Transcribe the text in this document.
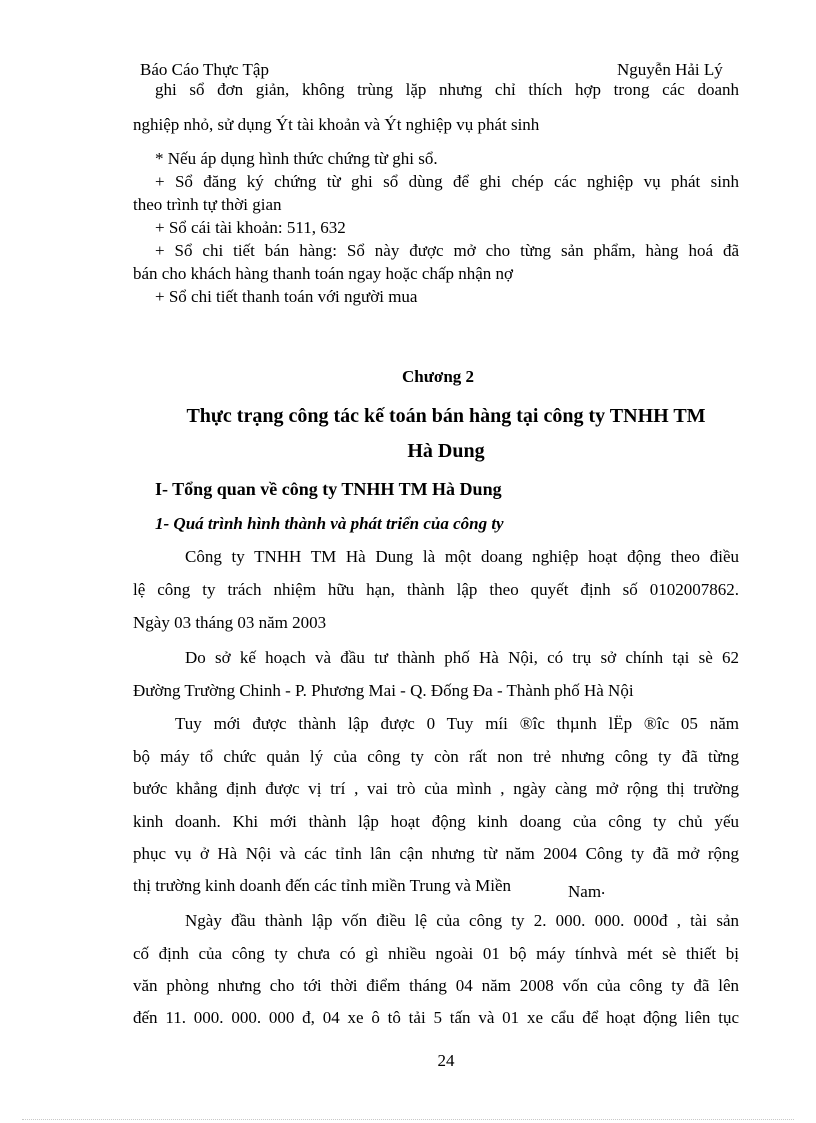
Báo Cáo Thực Tập	Nguyễn Hải Lý
ghi sổ đơn giản, không trùng lặp nhưng chỉ thích hợp trong các doanh
nghiệp nhỏ, sử dụng Ýt tài khoản và Ýt nghiệp vụ phát sinh
* Nếu áp dụng hình thức chứng từ ghi sổ.
+ Sổ đăng ký chứng từ ghi sổ dùng để ghi chép các nghiệp vụ phát sinh
theo trình tự thời gian
+ Sổ cái tài khoản: 511, 632
+ Sổ chi tiết bán hàng: Sổ này được mở cho từng sản phẩm, hàng hoá đã
bán cho khách hàng thanh toán ngay hoặc chấp nhận nợ
+ Sổ chi tiết thanh toán với người mua
Chương 2
Thực trạng công tác kế toán bán hàng tại công ty TNHH TM
Hà Dung
I- Tổng quan về công ty TNHH TM Hà Dung
1- Quá trình hình thành và phát triển của công ty
Công ty TNHH TM Hà Dung là một doang nghiệp hoạt động theo điều
lệ công ty trách nhiệm hữu hạn, thành lập theo quyết định số 0102007862.
Ngày 03 tháng 03 năm 2003
Do sở kế hoạch và đầu tư thành phố Hà Nội, có trụ sở chính tại sè 62
Đường Trường Chinh - P. Phương Mai - Q. Đống Đa - Thành phố Hà Nội
Tuy mới được thành lập được 0 Tuy míi ®îc thµnh lËp ®îc 05 năm
bộ máy tổ chức quản lý của công ty còn rất non trẻ nhưng công ty đã từng
bước khẳng định được vị trí , vai trò của mình , ngày càng mở rộng thị trường
kinh doanh. Khi mới thành lập hoạt động kinh doang của công ty chủ yếu
phục vụ ở Hà Nội và các tỉnh lân cận nhưng từ năm 2004 Công ty đã mở rộng
thị trường kinh doanh đến các tỉnh miền Trung và Miền	Nam .
Ngày đầu thành lập vốn điều lệ của công ty 2. 000. 000. 000đ , tài sản
cố định của công ty chưa có gì nhiều ngoài 01 bộ máy tínhvà mét sè thiết bị
văn phòng nhưng cho tới thời điểm tháng 04 năm 2008 vốn của công ty đã lên
đến 11. 000. 000. 000 đ, 04 xe ô tô tải 5 tấn và 01 xe cẩu để hoạt động liên tục
24
